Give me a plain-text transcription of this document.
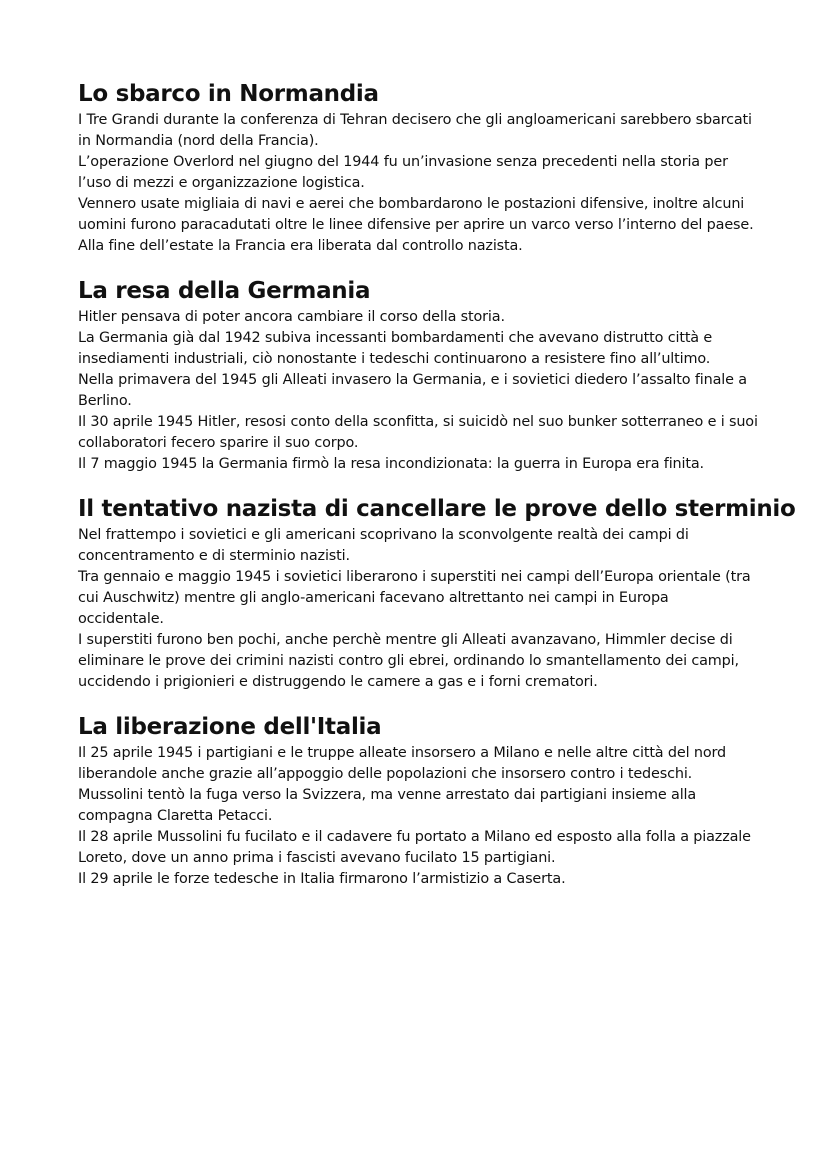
Lo sbarco in Normandia

I Tre Grandi durante la conferenza di Tehran decisero che gli angloamericani sarebbero sbarcati in Normandia (nord della Francia).

L’operazione Overlord nel giugno del 1944 fu un’invasione senza precedenti nella storia per l’uso di mezzi e organizzazione logistica.

Vennero usate migliaia di navi e aerei che bombardarono le postazioni difensive, inoltre alcuni uomini furono paracadutati oltre le linee difensive per aprire un varco verso l’interno del paese.

Alla fine dell’estate la Francia era liberata dal controllo nazista.

La resa della Germania

Hitler pensava di poter ancora cambiare il corso della storia.

La Germania già dal 1942 subiva incessanti bombardamenti che avevano distrutto città e insediamenti industriali, ciò nonostante i tedeschi continuarono a resistere fino all’ultimo.

Nella primavera del 1945 gli Alleati invasero la Germania, e i sovietici diedero l’assalto finale a Berlino.

Il 30 aprile 1945 Hitler, resosi conto della sconfitta, si suicidò nel suo bunker sotterraneo e i suoi collaboratori fecero sparire il suo corpo.

Il 7 maggio 1945 la Germania firmò la resa incondizionata: la guerra in Europa era finita.

Il tentativo nazista di cancellare le prove dello sterminio

Nel frattempo i sovietici e gli americani scoprivano la sconvolgente realtà dei campi di concentramento e di sterminio nazisti.

Tra gennaio e maggio 1945 i sovietici liberarono i superstiti nei campi dell’Europa orientale (tra cui Auschwitz) mentre gli anglo-americani facevano altrettanto nei campi in Europa occidentale.

I superstiti furono ben pochi, anche perchè mentre gli Alleati avanzavano, Himmler decise di eliminare le prove dei crimini nazisti contro gli ebrei, ordinando lo smantellamento dei campi, uccidendo i prigionieri e distruggendo le camere a gas e i forni crematori.

La liberazione dell'Italia

Il 25 aprile 1945 i partigiani e le truppe alleate insorsero a Milano e nelle altre città del nord liberandole anche grazie all’appoggio delle popolazioni che insorsero contro i tedeschi.

Mussolini tentò la fuga verso la Svizzera, ma venne arrestato dai partigiani insieme alla compagna Claretta Petacci.

Il 28 aprile Mussolini fu fucilato e il cadavere fu portato a Milano ed esposto alla folla a piazzale Loreto, dove un anno prima i fascisti avevano fucilato 15 partigiani.

Il 29 aprile le forze tedesche in Italia firmarono l’armistizio a Caserta.
